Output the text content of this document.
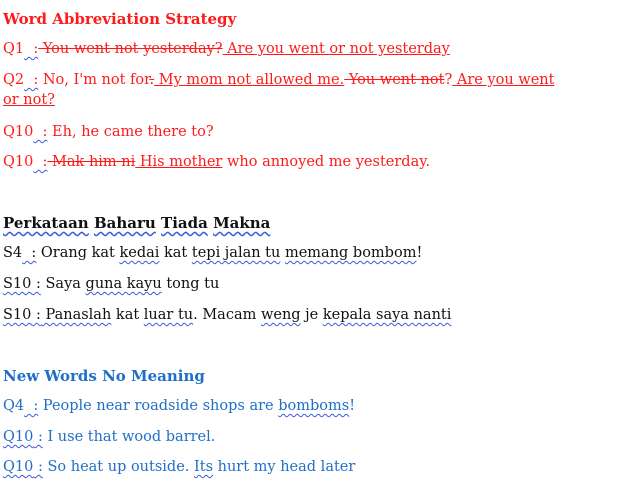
Word Abbreviation Strategy

Q1  : You went not yesterday? Are you went or not yesterday

Q2  : No, I'm not for. My mom not allowed me. You went not? Are you went or not?

Q10  : Eh, he came there to?

Q10  : Mak him ni His mother who annoyed me yesterday.

Perkataan Baharu Tiada Makna

S4  : Orang kat kedai kat tepi jalan tu memang bombom!

S10 : Saya guna kayu tong tu

S10 : Panaslah kat luar tu. Macam weng je kepala saya nanti

New Words No Meaning

Q4  : People near roadside shops are bomboms!

Q10 : I use that wood barrel.

Q10 : So heat up outside. Its hurt my head later
